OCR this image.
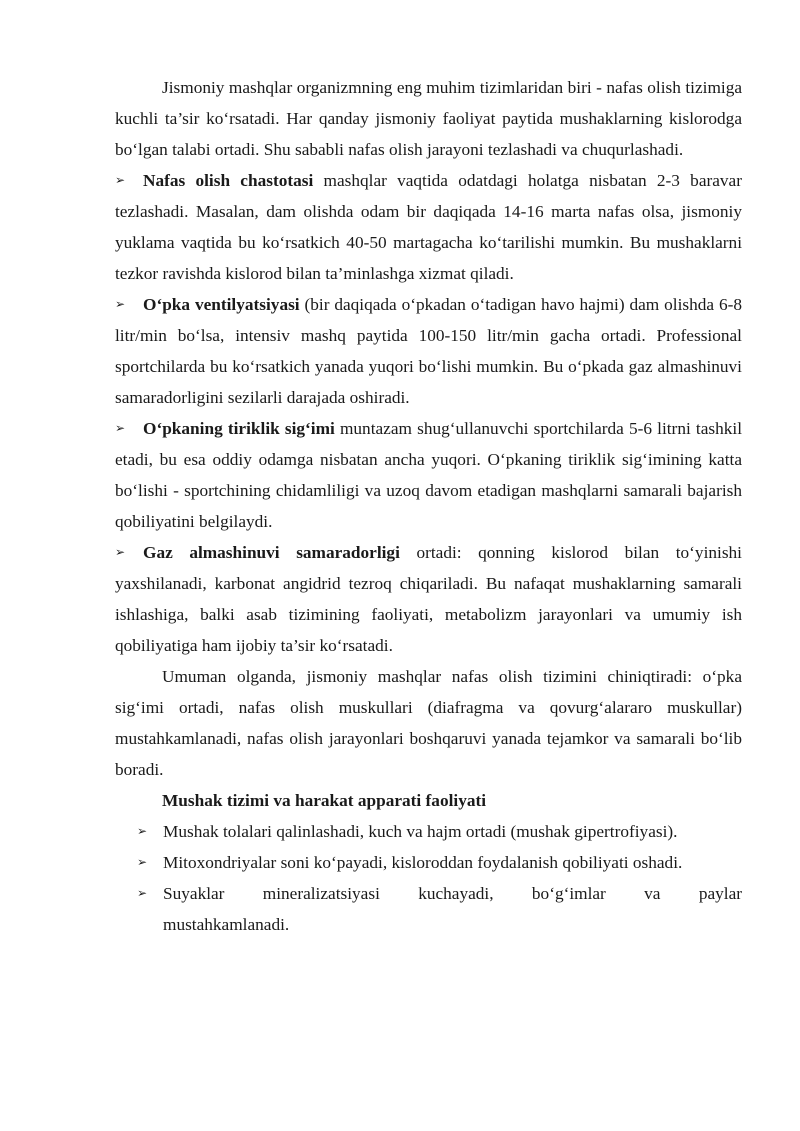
Jismoniy mashqlar organizmning eng muhim tizimlaridan biri - nafas olish tizimiga kuchli ta’sir ko‘rsatadi. Har qanday jismoniy faoliyat paytida mushaklarning kislorodga bo‘lgan talabi ortadi. Shu sababli nafas olish jarayoni tezlashadi va chuqurlashadi.

➢ Nafas olish chastotasi mashqlar vaqtida odatdagi holatga nisbatan 2-3 baravar tezlashadi. Masalan, dam olishda odam bir daqiqada 14-16 marta nafas olsa, jismoniy yuklama vaqtida bu ko‘rsatkich 40-50 martagacha ko‘tarilishi mumkin. Bu mushaklarni tezkor ravishda kislorod bilan ta’minlashga xizmat qiladi.

➢ O‘pka ventilyatsiyasi (bir daqiqada o‘pkadan o‘tadigan havo hajmi) dam olishda 6-8 litr/min bo‘lsa, intensiv mashq paytida 100-150 litr/min gacha ortadi. Professional sportchilarda bu ko‘rsatkich yanada yuqori bo‘lishi mumkin. Bu o‘pkada gaz almashinuvi samaradorligini sezilarli darajada oshiradi.

➢ O‘pkaning tiriklik sig‘imi muntazam shug‘ullanuvchi sportchilarda 5-6 litrni tashkil etadi, bu esa oddiy odamga nisbatan ancha yuqori. O‘pkaning tiriklik sig‘imining katta bo‘lishi - sportchining chidamliligi va uzoq davom etadigan mashqlarni samarali bajarish qobiliyatini belgilaydi.

➢ Gaz almashinuvi samaradorligi ortadi: qonning kislorod bilan to‘yinishi yaxshilanadi, karbonat angidrid tezroq chiqariladi. Bu nafaqat mushaklarning samarali ishlashiga, balki asab tizimining faoliyati, metabolizm jarayonlari va umumiy ish qobiliyatiga ham ijobiy ta’sir ko‘rsatadi.

Umuman olganda, jismoniy mashqlar nafas olish tizimini chiniqtiradi: o‘pka sig‘imi ortadi, nafas olish muskullari (diafragma va qovurg‘alararo muskullar) mustahkamlanadi, nafas olish jarayonlari boshqaruvi yanada tejamkor va samarali bo‘lib boradi.

Mushak tizimi va harakat apparati faoliyati

➢ Mushak tolalari qalinlashadi, kuch va hajm ortadi (mushak gipertrofiyasi).
➢ Mitoxondriyalar soni ko‘payadi, kisloroddan foydalanish qobiliyati oshadi.
➢ Suyaklar mineralizatsiyasi kuchayadi, bo‘g‘imlar va paylar
mustahkamlanadi.
